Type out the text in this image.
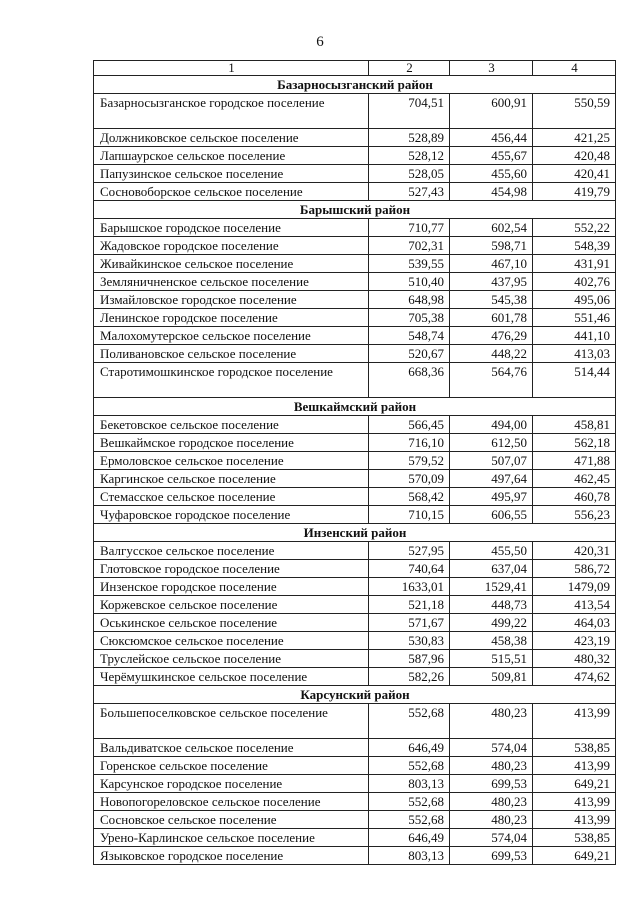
6
1	2	3	4
Базарносызганский район			
Базарносызганское городское поселение	704,51	600,91	550,59
Должниковское сельское поселение	528,89	456,44	421,25
Лапшаурское сельское поселение	528,12	455,67	420,48
Папузинское сельское поселение	528,05	455,60	420,41
Сосновоборское сельское поселение	527,43	454,98	419,79
Барышский район			
Барышское городское поселение	710,77	602,54	552,22
Жадовское городское поселение	702,31	598,71	548,39
Живайкинское сельское поселение	539,55	467,10	431,91
Земляничненское сельское поселение	510,40	437,95	402,76
Измайловское городское поселение	648,98	545,38	495,06
Ленинское городское поселение	705,38	601,78	551,46
Малохомутерское сельское поселение	548,74	476,29	441,10
Поливановское сельское поселение	520,67	448,22	413,03
Старотимошкинское городское поселение	668,36	564,76	514,44
Вешкаймский район			
Бекетовское сельское поселение	566,45	494,00	458,81
Вешкаймское городское поселение	716,10	612,50	562,18
Ермоловское сельское поселение	579,52	507,07	471,88
Каргинское сельское поселение	570,09	497,64	462,45
Стемасское сельское поселение	568,42	495,97	460,78
Чуфаровское городское поселение	710,15	606,55	556,23
Инзенский район			
Валгусское сельское поселение	527,95	455,50	420,31
Глотовское городское поселение	740,64	637,04	586,72
Инзенское городское поселение	1633,01	1529,41	1479,09
Коржевское сельское поселение	521,18	448,73	413,54
Оськинское сельское поселение	571,67	499,22	464,03
Сюксюмское сельское поселение	530,83	458,38	423,19
Труслейское сельское поселение	587,96	515,51	480,32
Черёмушкинское сельское поселение	582,26	509,81	474,62
Карсунский район			
Большепоселковское сельское поселение	552,68	480,23	413,99
Вальдиватское сельское поселение	646,49	574,04	538,85
Горенское сельское поселение	552,68	480,23	413,99
Карсунское городское поселение	803,13	699,53	649,21
Новопогореловское сельское поселение	552,68	480,23	413,99
Сосновское сельское поселение	552,68	480,23	413,99
Урено-Карлинское сельское поселение	646,49	574,04	538,85
Языковское городское поселение	803,13	699,53	649,21
